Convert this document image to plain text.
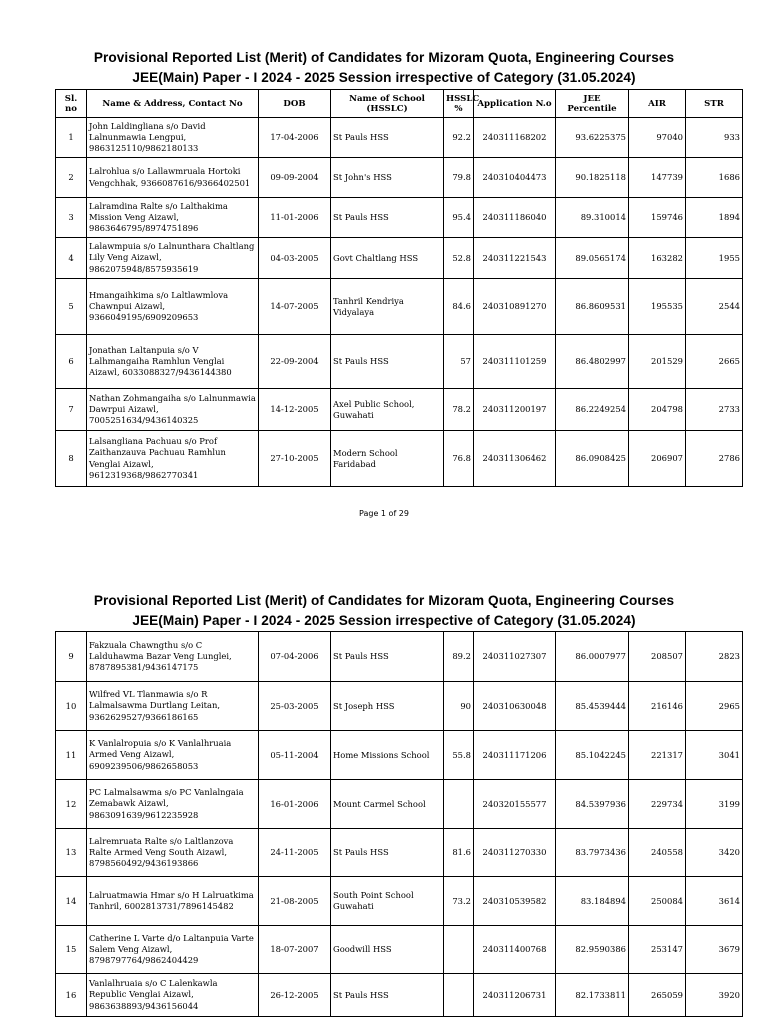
Provisional Reported List (Merit) of Candidates for Mizoram Quota, Engineering Courses
JEE(Main) Paper - I 2024 - 2025 Session irrespective of Category (31.05.2024)
Sl. no	Name & Address, Contact No	DOB	Name of School (HSSLC)	HSSLC %	Application N.o	JEE Percentile	AIR	STR
1	John Laldingliana s/o David Lalnunmawia Lengpui, 9863125110/9862180133	17-04-2006	St Pauls HSS	92.2	240311168202	93.6225375	97040	933
2	Lalrohlua s/o Lallawmruala Hortoki Vengchhak, 9366087616/9366402501	09-09-2004	St John's HSS	79.8	240310404473	90.1825118	147739	1686
3	Lalramdina Ralte s/o Lalthakima Mission Veng Aizawl, 9863646795/8974751896	11-01-2006	St Pauls HSS	95.4	240311186040	89.310014	159746	1894
4	Lalawmpuia s/o Lalnunthara Chaltlang Lily Veng Aizawl, 9862075948/8575935619	04-03-2005	Govt Chaltlang HSS	52.8	240311221543	89.0565174	163282	1955
5	Hmangaihkima s/o Laltlawmlova Chawnpui Aizawl, 9366049195/6909209653	14-07-2005	Tanhril Kendriya Vidyalaya	84.6	240310891270	86.8609531	195535	2544
6	Jonathan Laltanpuia s/o V Lalhmangaiha Ramhlun Venglai Aizawl, 6033088327/9436144380	22-09-2004	St Pauls HSS	57	240311101259	86.4802997	201529	2665
7	Nathan Zohmangaiha s/o Lalnunmawia Dawrpui Aizawl, 7005251634/9436140325	14-12-2005	Axel Public School, Guwahati	78.2	240311200197	86.2249254	204798	2733
8	Lalsangliana Pachuau s/o Prof Zaithanzauva Pachuau Ramhlun Venglai Aizawl, 9612319368/9862770341	27-10-2005	Modern School Faridabad	76.8	240311306462	86.0908425	206907	2786
Page 1 of 29
Provisional Reported List (Merit) of Candidates for Mizoram Quota, Engineering Courses
JEE(Main) Paper - I 2024 - 2025 Session irrespective of Category (31.05.2024)
9	Fakzuala Chawngthu s/o C Lalduhawma Bazar Veng Lunglei, 8787895381/9436147175	07-04-2006	St Pauls HSS	89.2	240311027307	86.0007977	208507	2823
10	Wilfred VL Tlanmawia s/o R Lalmalsawma Durtlang Leitan, 9362629527/9366186165	25-03-2005	St Joseph HSS	90	240310630048	85.4539444	216146	2965
11	K Vanlalropuia s/o K Vanlalhruaia Armed Veng Aizawl, 6909239506/9862658053	05-11-2004	Home Missions School	55.8	240311171206	85.1042245	221317	3041
12	PC Lalmalsawma s/o PC Vanlalngaia Zemabawk Aizawl, 9863091639/9612235928	16-01-2006	Mount Carmel School		240320155577	84.5397936	229734	3199
13	Lalremruata Ralte s/o Laltlanzova Ralte Armed Veng South Aizawl, 8798560492/9436193866	24-11-2005	St Pauls HSS	81.6	240311270330	83.7973436	240558	3420
14	Lalruatmawia Hmar s/o H Lalruatkima Tanhril, 6002813731/7896145482	21-08-2005	South Point School Guwahati	73.2	240310539582	83.184894	250084	3614
15	Catherine L Varte d/o Laltanpuia Varte Salem Veng Aizawl, 8798797764/9862404429	18-07-2007	Goodwill HSS		240311400768	82.9590386	253147	3679
16	Vanlalhruaia s/o C Lalenkawla Republic Venglai Aizawl, 9863638893/9436156044	26-12-2005	St Pauls HSS		240311206731	82.1733811	265059	3920
